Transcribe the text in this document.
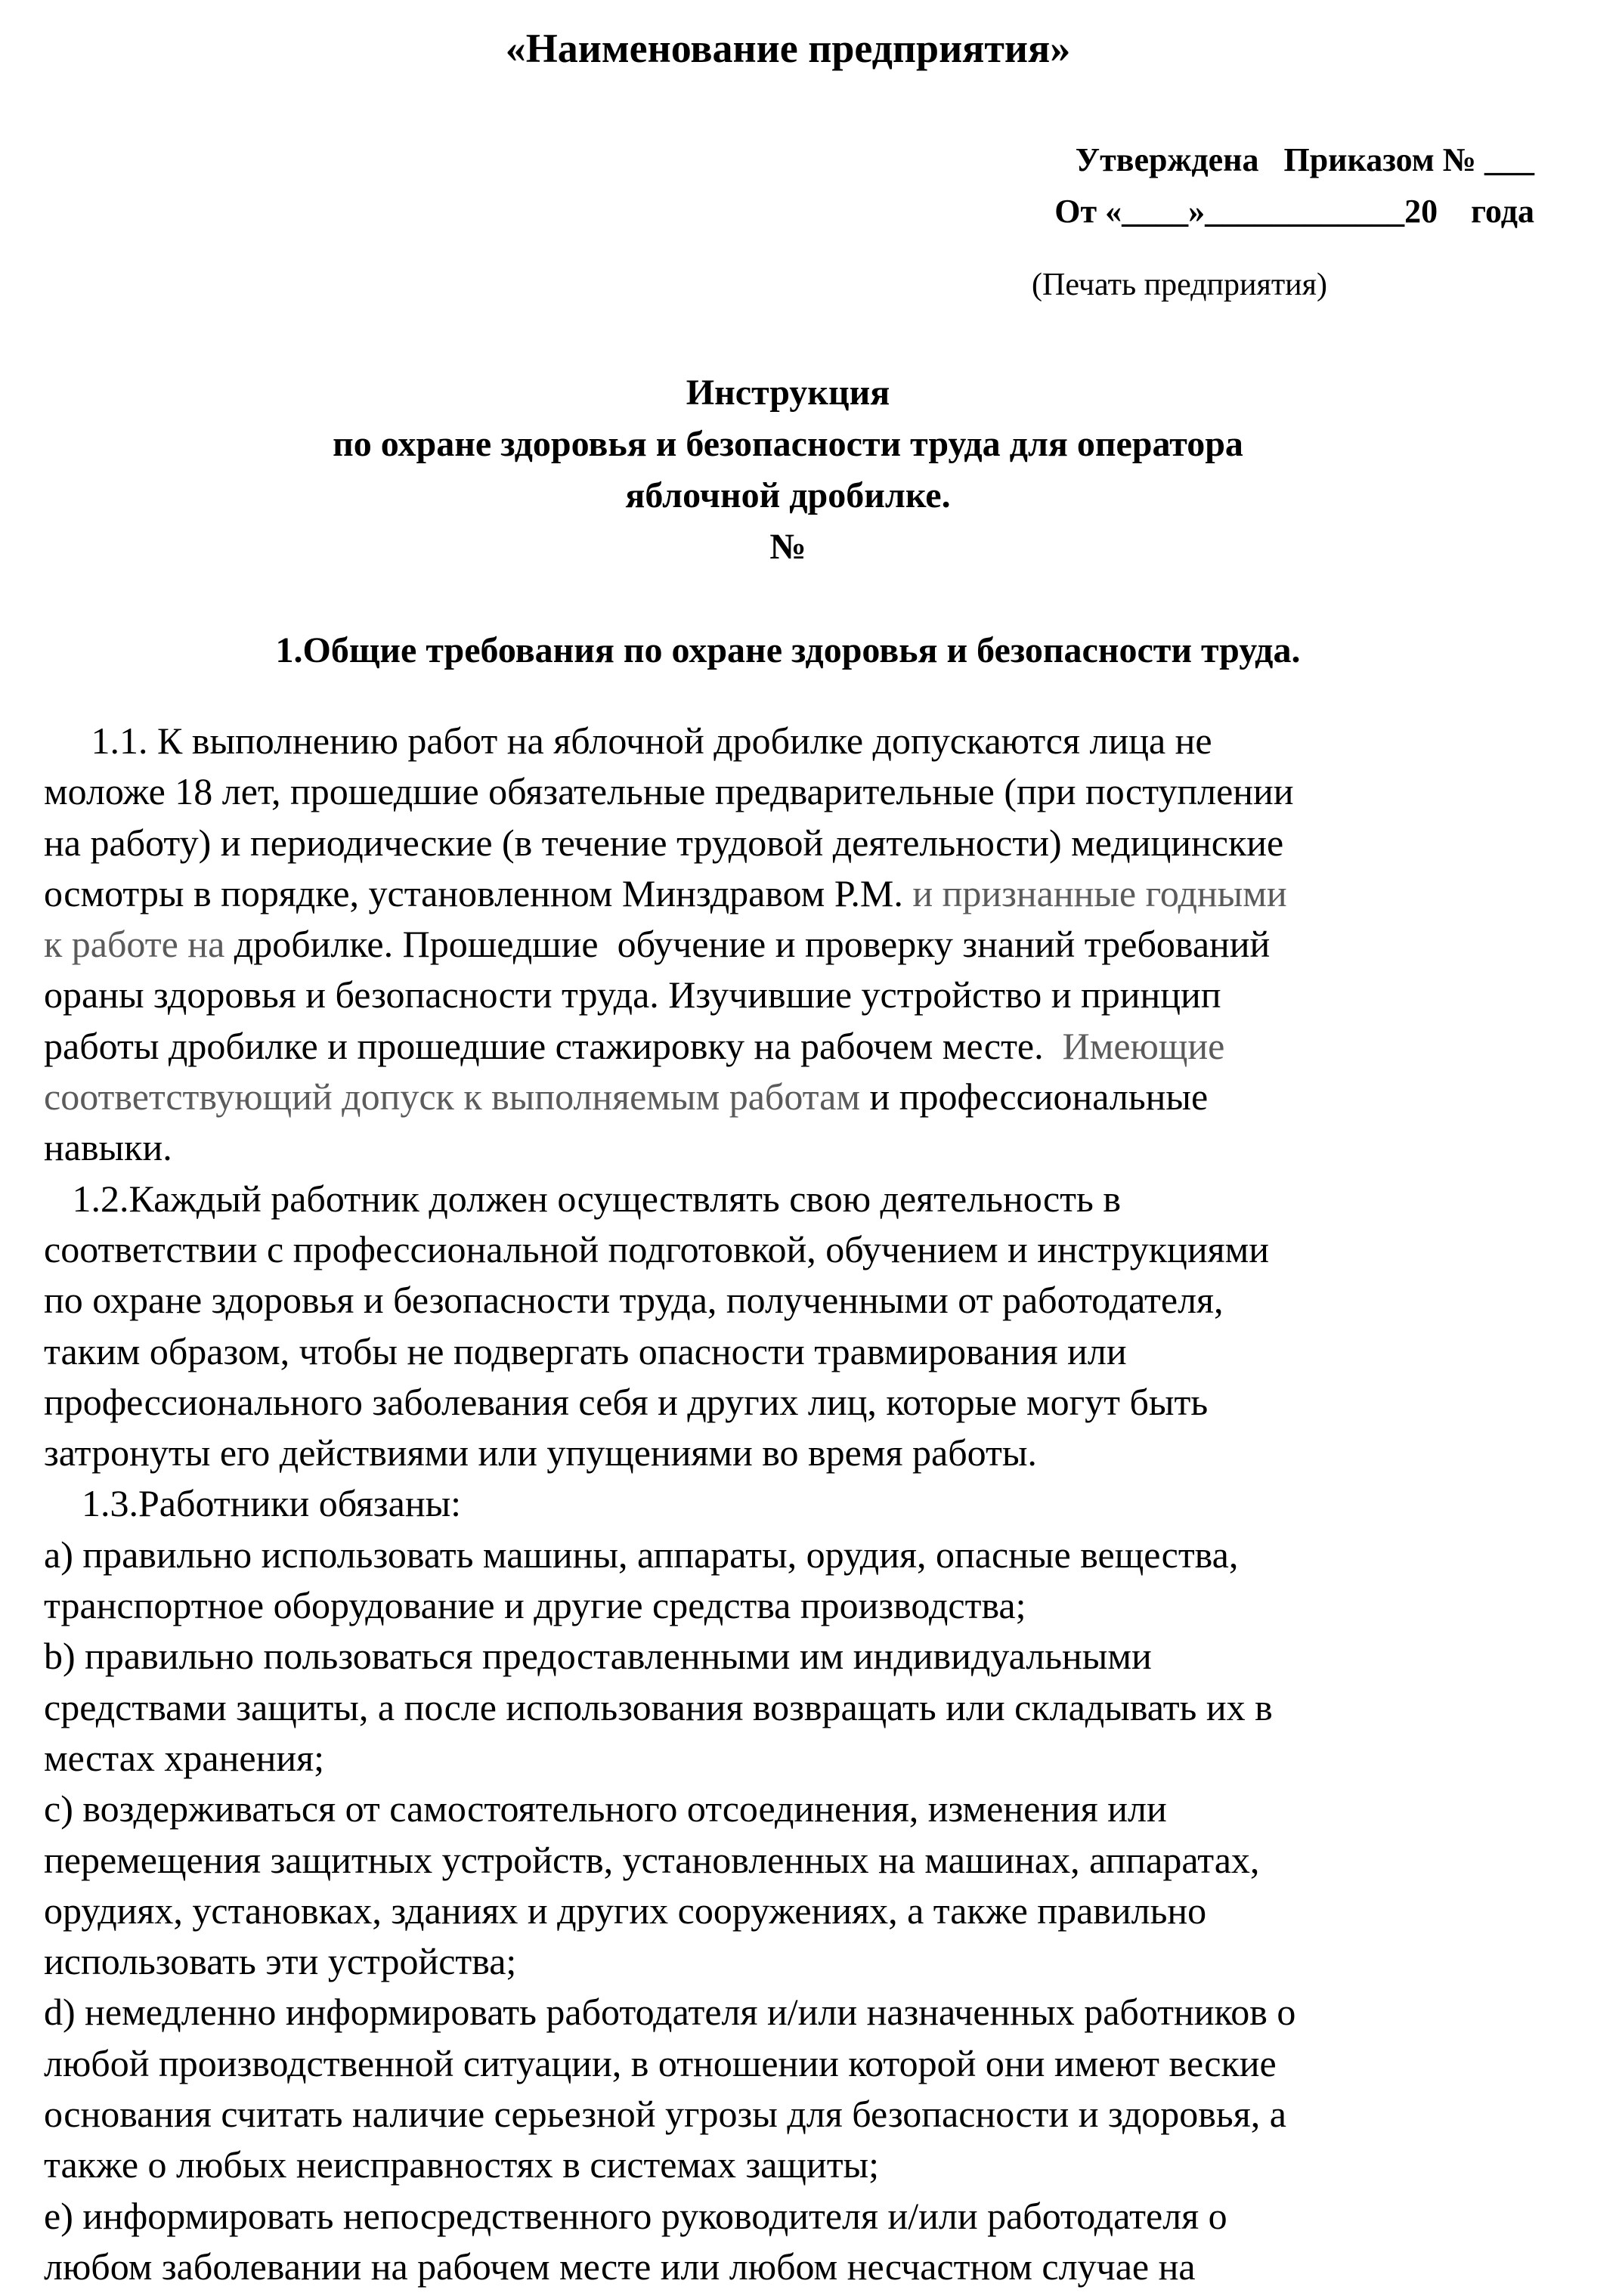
«Наименование предприятия»
Утверждена   Приказом № ___
От «____»____________20    года
(Печать предприятия)
Инструкция
по охране здоровья и безопасности труда для оператора
яблочной дробилке.
№
1.Общие требования по охране здоровья и безопасности труда.
1.1. К выполнению работ на яблочной дробилке допускаются лица не
моложе 18 лет, прошедшие обязательные предварительные (при поступлении
на работу) и периодические (в течение трудовой деятельности) медицинские
осмотры в порядке, установленном Минздравом Р.М. и признанные годными
к работе на дробилке. Прошедшие  обучение и проверку знаний требований
ораны здоровья и безопасности труда. Изучившие устройство и принцип
работы дробилке и прошедшие стажировку на рабочем месте.  Имеющие
соответствующий допуск к выполняемым работам и профессиональные
навыки.
1.2.Каждый работник должен осуществлять свою деятельность в
соответствии с профессиональной подготовкой, обучением и инструкциями
по охране здоровья и безопасности труда, полученными от работодателя,
таким образом, чтобы не подвергать опасности травмирования или
профессионального заболевания себя и других лиц, которые могут быть
затронуты его действиями или упущениями во время работы.
1.3.Работники обязаны:
а) правильно использовать машины, аппараты, орудия, опасные вещества,
транспортное оборудование и другие средства производства;
b) правильно пользоваться предоставленными им индивидуальными
средствами защиты, а после использования возвращать или складывать их в
местах хранения;
c) воздерживаться от самостоятельного отсоединения, изменения или
перемещения защитных устройств, установленных на машинах, аппаратах,
орудиях, установках, зданиях и других сооружениях, а также правильно
использовать эти устройства;
d) немедленно информировать работодателя и/или назначенных работников о
любой производственной ситуации, в отношении которой они имеют веские
основания считать наличие серьезной угрозы для безопасности и здоровья, а
также о любых неисправностях в системах защиты;
e) информировать непосредственного руководителя и/или работодателя о
любом заболевании на рабочем месте или любом несчастном случае на
